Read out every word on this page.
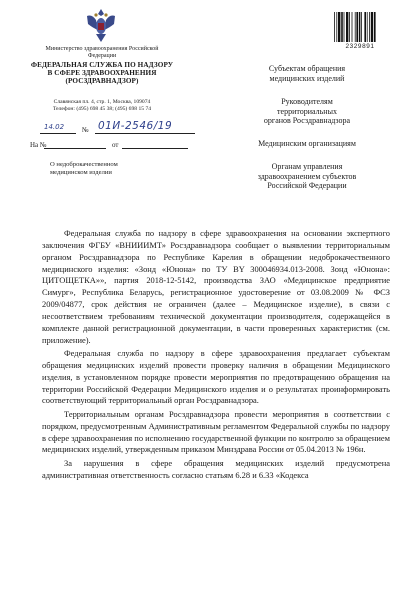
Министерство здравоохранения Российской Федерации
ФЕДЕРАЛЬНАЯ СЛУЖБА ПО НАДЗОРУ
В СФЕРЕ ЗДРАВООХРАНЕНИЯ
(РОСЗДРАВНАДЗОР)
Славянская пл. 4, стр. 1, Москва, 109074
Телефон: (495) 698 45 38; (495) 698 15 74
14.02	№ 01И-2546/19
На №	от
О недоброкачественном
медицинском изделии
2329891
Субъектам обращения
медицинских изделий
Руководителям
территориальных
органов Росздравнадзора
Медицинским организациям
Органам управления
здравоохранением субъектов
Российской Федерации

Федеральная служба по надзору в сфере здравоохранения на основании экспертного заключения ФГБУ «ВНИИИМТ» Росздравнадзора сообщает о выявлении территориальным органом Росздравнадзора по Республике Карелия в обращении недоброкачественного медицинского изделия: «Зонд «Юнона» по ТУ BY 300046934.013-2008. Зонд «Юнона»: ЦИТОЩЕТКА»», партия 2018-12-5142, производства ЗАО «Медицинское предприятие Симург», Республика Беларусь, регистрационное удостоверение от 03.08.2009 № ФСЗ 2009/04877, срок действия не ограничен (далее – Медицинское изделие), в связи с несоответствием требованиям технической документации производителя, содержащейся в комплекте данной регистрационной документации, в части проверенных характеристик (см. приложение).

Федеральная служба по надзору в сфере здравоохранения предлагает субъектам обращения медицинских изделий провести проверку наличия в обращении Медицинского изделия, в установленном порядке провести мероприятия по предотвращению обращения на территории Российской Федерации Медицинского изделия и о результатах проинформировать соответствующий территориальный орган Росздравнадзора.

Территориальным органам Росздравнадзора провести мероприятия в соответствии с порядком, предусмотренным Административным регламентом Федеральной службы по надзору в сфере здравоохранения по исполнению государственной функции по контролю за обращением медицинских изделий, утвержденным приказом Минздрава России от 05.04.2013 № 196н.

За нарушения в сфере обращения медицинских изделий предусмотрена административная ответственность согласно статьям 6.28 и 6.33 «Кодекса
